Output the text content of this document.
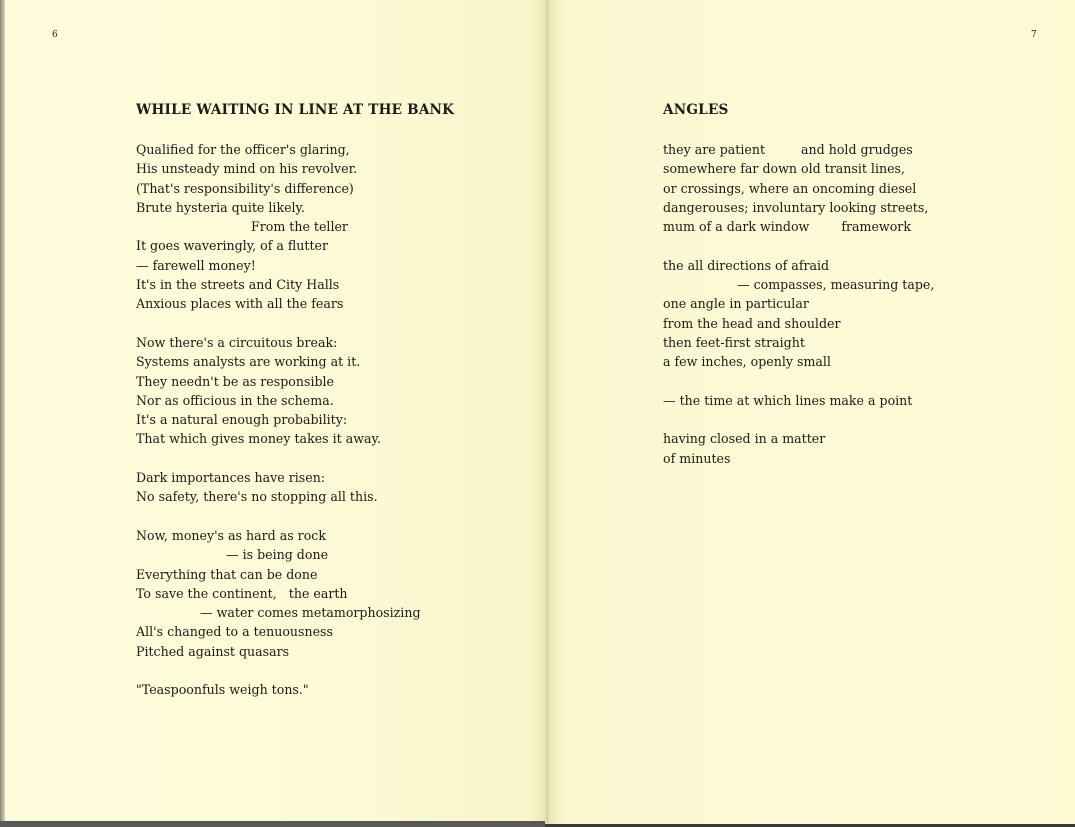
6	7
WHILE WAITING IN LINE AT THE BANK
Qualified for the officer's glaring,
His unsteady mind on his revolver.
(That's responsibility's difference)
Brute hysteria quite likely.
From the teller
It goes waveringly, of a flutter
— farewell money!
It's in the streets and City Halls
Anxious places with all the fears
Now there's a circuitous break:
Systems analysts are working at it.
They needn't be as responsible
Nor as officious in the schema.
It's a natural enough probability:
That which gives money takes it away.
Dark importances have risen:
No safety, there's no stopping all this.
Now, money's as hard as rock
— is being done
Everything that can be done
To save the continent,   the earth
— water comes metamorphosizing
All's changed to a tenuousness
Pitched against quasars
"Teaspoonfuls weigh tons."
ANGLES
they are patient         and hold grudges
somewhere far down old transit lines,
or crossings, where an oncoming diesel
dangerouses; involuntary looking streets,
mum of a dark window        framework
the all directions of afraid
— compasses, measuring tape,
one angle in particular
from the head and shoulder
then feet-first straight
a few inches, openly small
— the time at which lines make a point
having closed in a matter
of minutes
